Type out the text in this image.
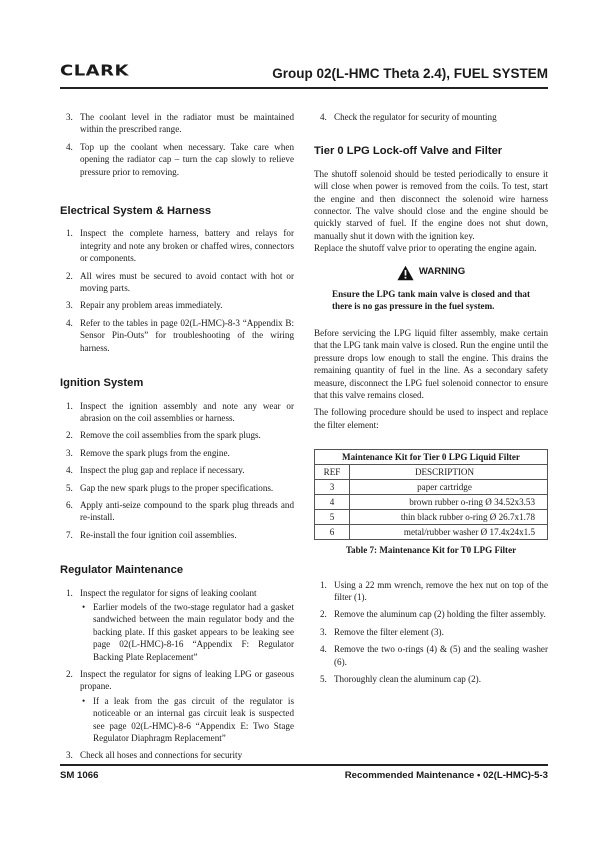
CLARK	Group 02(L-HMC Theta 2.4), FUEL SYSTEM
3. The coolant level in the radiator must be maintained within the prescribed range.
4. Top up the coolant when necessary. Take care when opening the radiator cap – turn the cap slowly to relieve pressure prior to removing.
Electrical System & Harness
1. Inspect the complete harness, battery and relays for integrity and note any broken or chaffed wires, connectors or components.
2. All wires must be secured to avoid contact with hot or moving parts.
3. Repair any problem areas immediately.
4. Refer to the tables in page 02(L-HMC)-8-3 “Appendix B: Sensor Pin-Outs” for troubleshooting of the wiring harness.
Ignition System
1. Inspect the ignition assembly and note any wear or abrasion on the coil assemblies or harness.
2. Remove the coil assemblies from the spark plugs.
3. Remove the spark plugs from the engine.
4. Inspect the plug gap and replace if necessary.
5. Gap the new spark plugs to the proper specifications.
6. Apply anti-seize compound to the spark plug threads and re-install.
7. Re-install the four ignition coil assemblies.
Regulator Maintenance
1. Inspect the regulator for signs of leaking coolant
• Earlier models of the two-stage regulator had a gasket sandwiched between the main regulator body and the backing plate. If this gasket appears to be leaking see page 02(L-HMC)-8-16 “Appendix F: Regulator Backing Plate Replacement”
2. Inspect the regulator for signs of leaking LPG or gaseous propane.
• If a leak from the gas circuit of the regulator is noticeable or an internal gas circuit leak is suspected see page 02(L-HMC)-8-6 “Appendix E: Two Stage Regulator Diaphragm Replacement”
3. Check all hoses and connections for security
4. Check the regulator for security of mounting
Tier 0 LPG Lock-off Valve and Filter

The shutoff solenoid should be tested periodically to ensure it will close when power is removed from the coils. To test, start the engine and then disconnect the solenoid wire harness connector. The valve should close and the engine should be quickly starved of fuel. If the engine does not shut down, manually shut it down with the ignition key.

Replace the shutoff valve prior to operating the engine again.

WARNING
Ensure the LPG tank main valve is closed and that there is no gas pressure in the fuel system.

Before servicing the LPG liquid filter assembly, make certain that the LPG tank main valve is closed. Run the engine until the pressure drops low enough to stall the engine. This drains the remaining quantity of fuel in the line. As a secondary safety measure, disconnect the LPG fuel solenoid connector to ensure that this valve remains closed.

The following procedure should be used to inspect and replace the filter element:

Maintenance Kit for Tier 0 LPG Liquid Filter	
REF	DESCRIPTION
3	paper cartridge
4	brown rubber o-ring Ø 34.52x3.53
5	thin black rubber o-ring Ø 26.7x1.78
6	metal/rubber washer Ø 17.4x24x1.5
Table 7: Maintenance Kit for T0 LPG Filter
1. Using a 22 mm wrench, remove the hex nut on top of the filter (1).
2. Remove the aluminum cap (2) holding the filter assembly.
3. Remove the filter element (3).
4. Remove the two o-rings (4) & (5) and the sealing washer (6).
5. Thoroughly clean the aluminum cap (2).
SM 1066	Recommended Maintenance • 02(L-HMC)-5-3
